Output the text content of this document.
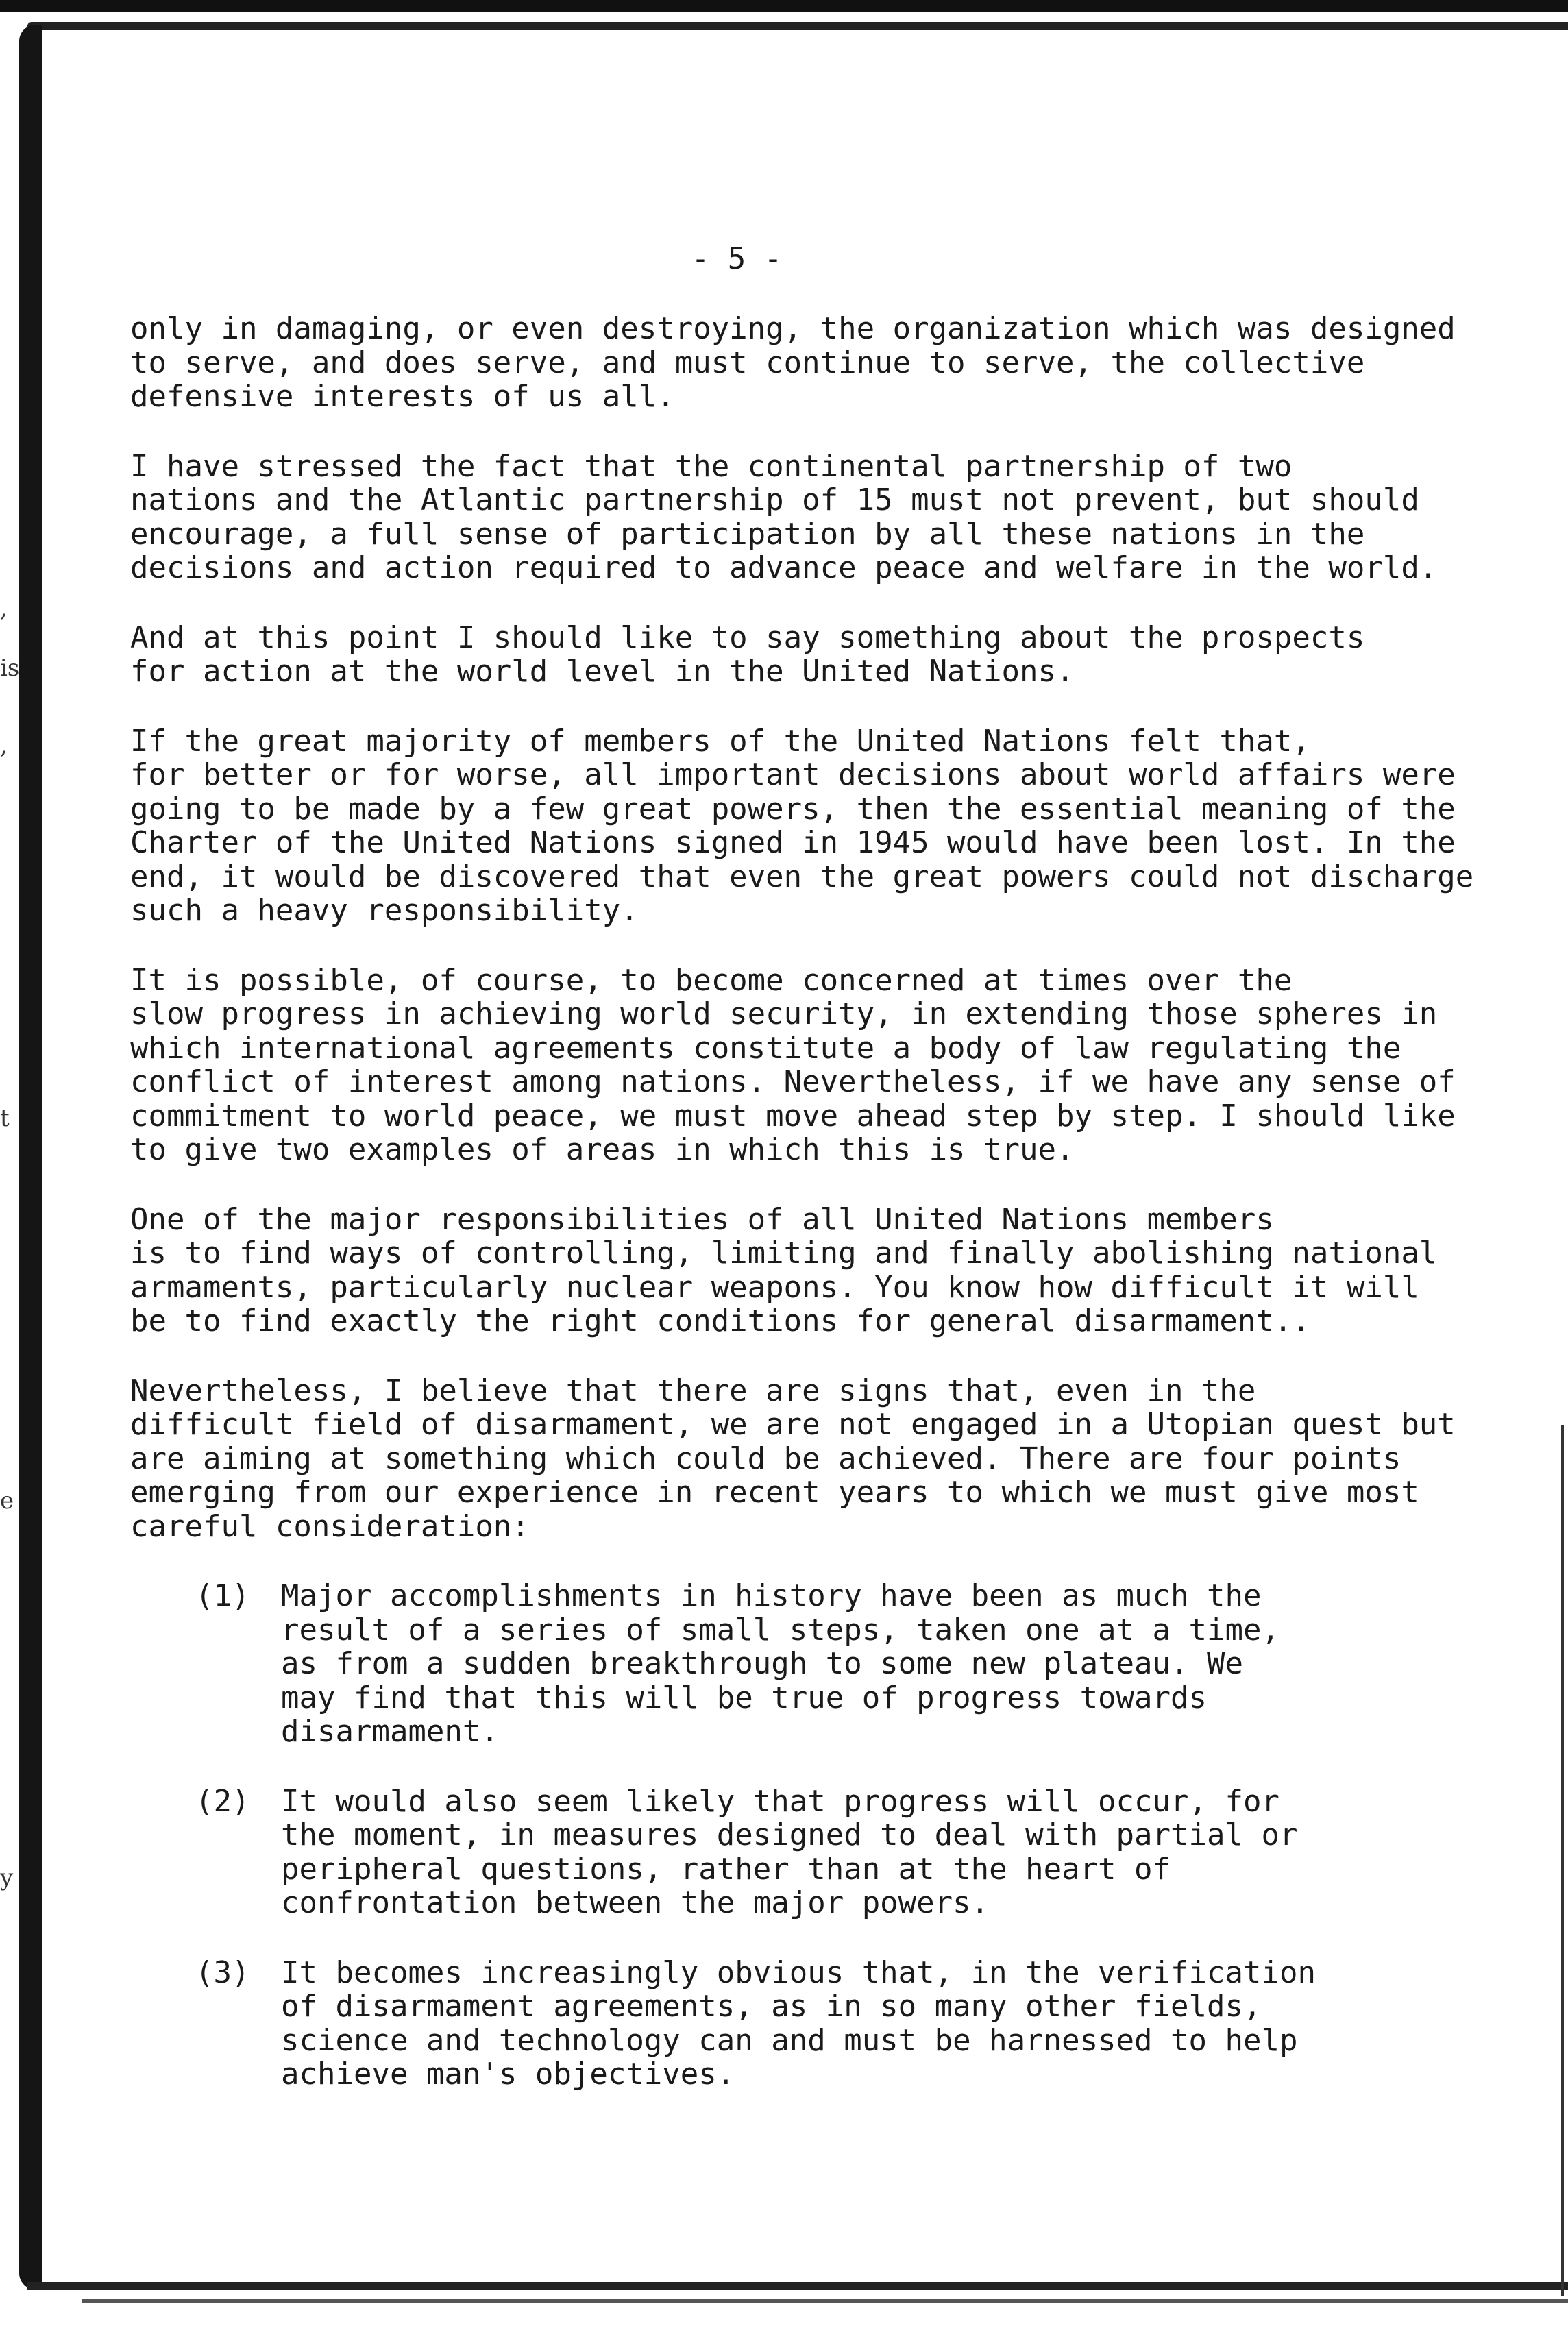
,
is
,
t
e
y
- 5 -

only in damaging, or even destroying, the organization which was designed
to serve, and does serve, and must continue to serve, the collective
defensive interests of us all.

I have stressed the fact that the continental partnership of two
nations and the Atlantic partnership of 15 must not prevent, but should
encourage, a full sense of participation by all these nations in the
decisions and action required to advance peace and welfare in the world.

And at this point I should like to say something about the prospects
for action at the world level in the United Nations.

If the great majority of members of the United Nations felt that,
for better or for worse, all important decisions about world affairs were
going to be made by a few great powers, then the essential meaning of the
Charter of the United Nations signed in 1945 would have been lost. In the
end, it would be discovered that even the great powers could not discharge
such a heavy responsibility.

It is possible, of course, to become concerned at times over the
slow progress in achieving world security, in extending those spheres in
which international agreements constitute a body of law regulating the
conflict of interest among nations. Nevertheless, if we have any sense of
commitment to world peace, we must move ahead step by step. I should like
to give two examples of areas in which this is true.

One of the major responsibilities of all United Nations members
is to find ways of controlling, limiting and finally abolishing national
armaments, particularly nuclear weapons. You know how difficult it will
be to find exactly the right conditions for general disarmament..

Nevertheless, I believe that there are signs that, even in the
difficult field of disarmament, we are not engaged in a Utopian quest but
are aiming at something which could be achieved. There are four points
emerging from our experience in recent years to which we must give most
careful consideration:

(1) Major accomplishments in history have been as much the
result of a series of small steps, taken one at a time,
as from a sudden breakthrough to some new plateau. We
may find that this will be true of progress towards
disarmament.
(2) It would also seem likely that progress will occur, for
the moment, in measures designed to deal with partial or
peripheral questions, rather than at the heart of
confrontation between the major powers.
(3) It becomes increasingly obvious that, in the verification
of disarmament agreements, as in so many other fields,
science and technology can and must be harnessed to help
achieve man's objectives.
